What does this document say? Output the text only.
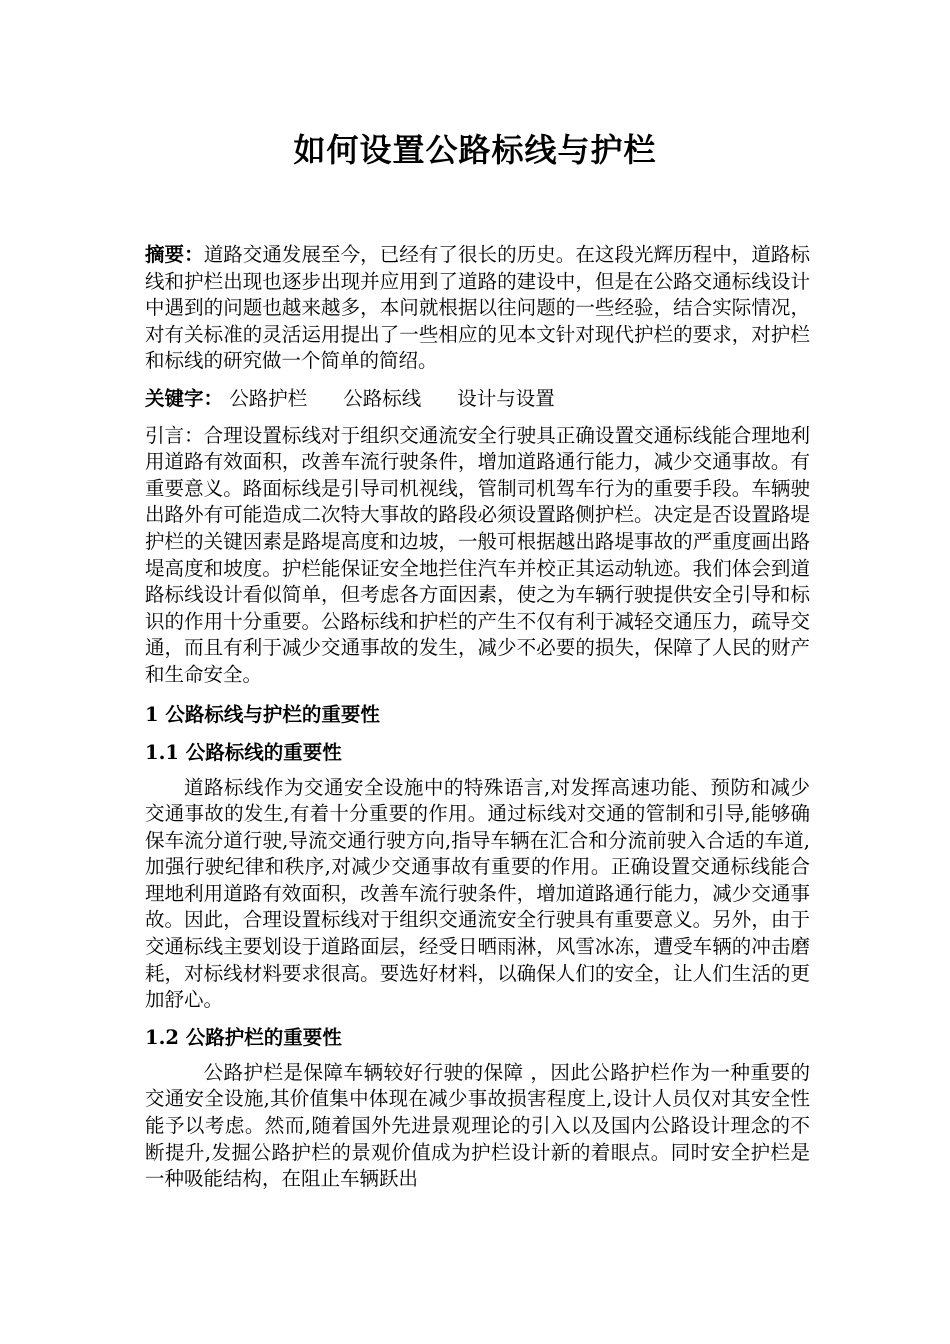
如何设置公路标线与护栏

摘要：道路交通发展至今，已经有了很长的历史。在这段光辉历程中，道路标线和护栏出现也逐步出现并应用到了道路的建设中，但是在公路交通标线设计中遇到的问题也越来越多，本问就根据以往问题的一些经验，结合实际情况，对有关标准的灵活运用提出了一些相应的见本文针对现代护栏的要求，对护栏和标线的研究做一个简单的简绍。

关键字： 公路护栏 公路标线 设计与设置

引言：合理设置标线对于组织交通流安全行驶具正确设置交通标线能合理地利用道路有效面积，改善车流行驶条件，增加道路通行能力，减少交通事故。有重要意义。路面标线是引导司机视线，管制司机驾车行为的重要手段。车辆驶出路外有可能造成二次特大事故的路段必须设置路侧护栏。决定是否设置路堤护栏的关键因素是路堤高度和边坡，一般可根据越出路堤事故的严重度画出路堤高度和坡度。护栏能保证安全地拦住汽车并校正其运动轨迹。我们体会到道路标线设计看似简单，但考虑各方面因素，使之为车辆行驶提供安全引导和标识的作用十分重要。公路标线和护栏的产生不仅有利于减轻交通压力，疏导交通，而且有利于减少交通事故的发生，减少不必要的损失，保障了人民的财产和生命安全。

1 公路标线与护栏的重要性
1.1 公路标线的重要性

道路标线作为交通安全设施中的特殊语言,对发挥高速功能、预防和减少交通事故的发生,有着十分重要的作用。通过标线对交通的管制和引导,能够确保车流分道行驶,导流交通行驶方向,指导车辆在汇合和分流前驶入合适的车道,加强行驶纪律和秩序,对减少交通事故有重要的作用。正确设置交通标线能合理地利用道路有效面积，改善车流行驶条件，增加道路通行能力，减少交通事故。因此，合理设置标线对于组织交通流安全行驶具有重要意义。另外，由于交通标线主要划设于道路面层，经受日晒雨淋，风雪冰冻，遭受车辆的冲击磨耗，对标线材料要求很高。要选好材料，以确保人们的安全，让人们生活的更加舒心。

1.2 公路护栏的重要性

公路护栏是保障车辆较好行驶的保障 ，因此公路护栏作为一种重要的交通安全设施,其价值集中体现在减少事故损害程度上,设计人员仅对其安全性能予以考虑。然而,随着国外先进景观理论的引入以及国内公路设计理念的不断提升,发掘公路护栏的景观价值成为护栏设计新的着眼点。同时安全护栏是一种吸能结构，在阻止车辆跃出
